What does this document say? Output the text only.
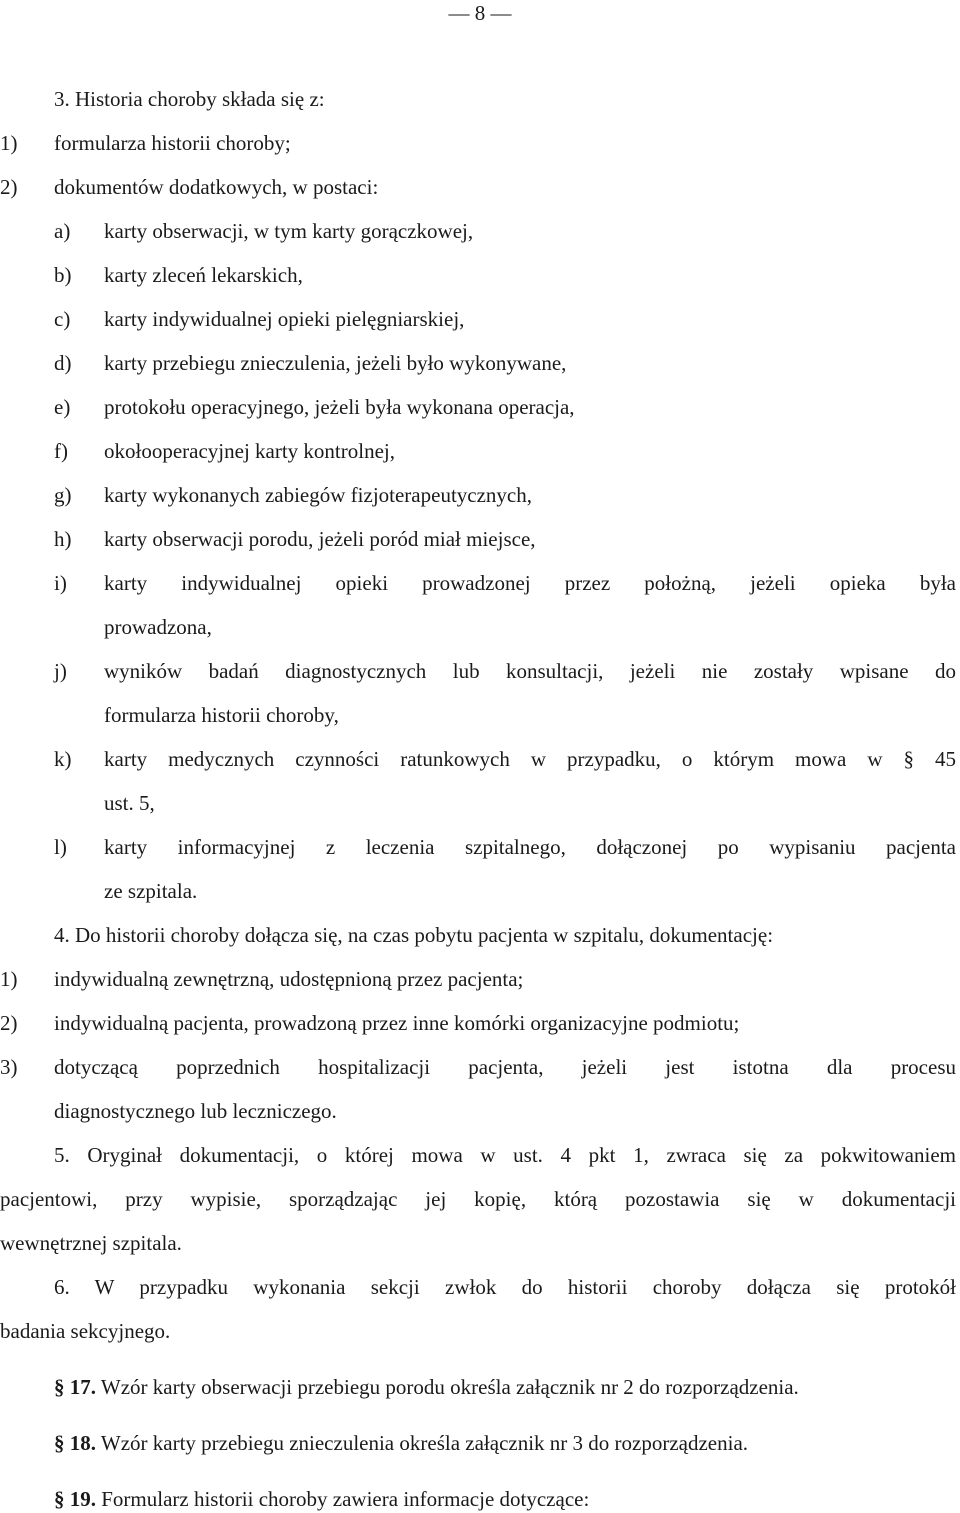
— 8 —
3. Historia choroby składa się z:
1) formularza historii choroby;
2) dokumentów dodatkowych, w postaci:
a) karty obserwacji, w tym karty gorączkowej,
b) karty zleceń lekarskich,
c) karty indywidualnej opieki pielęgniarskiej,
d) karty przebiegu znieczulenia, jeżeli było wykonywane,
e) protokołu operacyjnego, jeżeli była wykonana operacja,
f) okołooperacyjnej karty kontrolnej,
g) karty wykonanych zabiegów fizjoterapeutycznych,
h) karty obserwacji porodu, jeżeli poród miał miejsce,
i) karty indywidualnej opieki prowadzonej przez położną, jeżeli opieka była
prowadzona,
j) wyników badań diagnostycznych lub konsultacji, jeżeli nie zostały wpisane do
formularza historii choroby,
k) karty medycznych czynności ratunkowych w przypadku, o którym mowa w § 45
ust. 5,
l) karty informacyjnej z leczenia szpitalnego, dołączonej po wypisaniu pacjenta
ze szpitala.
4. Do historii choroby dołącza się, na czas pobytu pacjenta w szpitalu, dokumentację:
1) indywidualną zewnętrzną, udostępnioną przez pacjenta;
2) indywidualną pacjenta, prowadzoną przez inne komórki organizacyjne podmiotu;
3) dotyczącą poprzednich hospitalizacji pacjenta, jeżeli jest istotna dla procesu
diagnostycznego lub leczniczego.
5. Oryginał dokumentacji, o której mowa w ust. 4 pkt 1, zwraca się za pokwitowaniem
pacjentowi, przy wypisie, sporządzając jej kopię, którą pozostawia się w dokumentacji
wewnętrznej szpitala.
6. W przypadku wykonania sekcji zwłok do historii choroby dołącza się protokół
badania sekcyjnego.
§ 17. Wzór karty obserwacji przebiegu porodu określa załącznik nr 2 do rozporządzenia.
§ 18. Wzór karty przebiegu znieczulenia określa załącznik nr 3 do rozporządzenia.
§ 19. Formularz historii choroby zawiera informacje dotyczące:
